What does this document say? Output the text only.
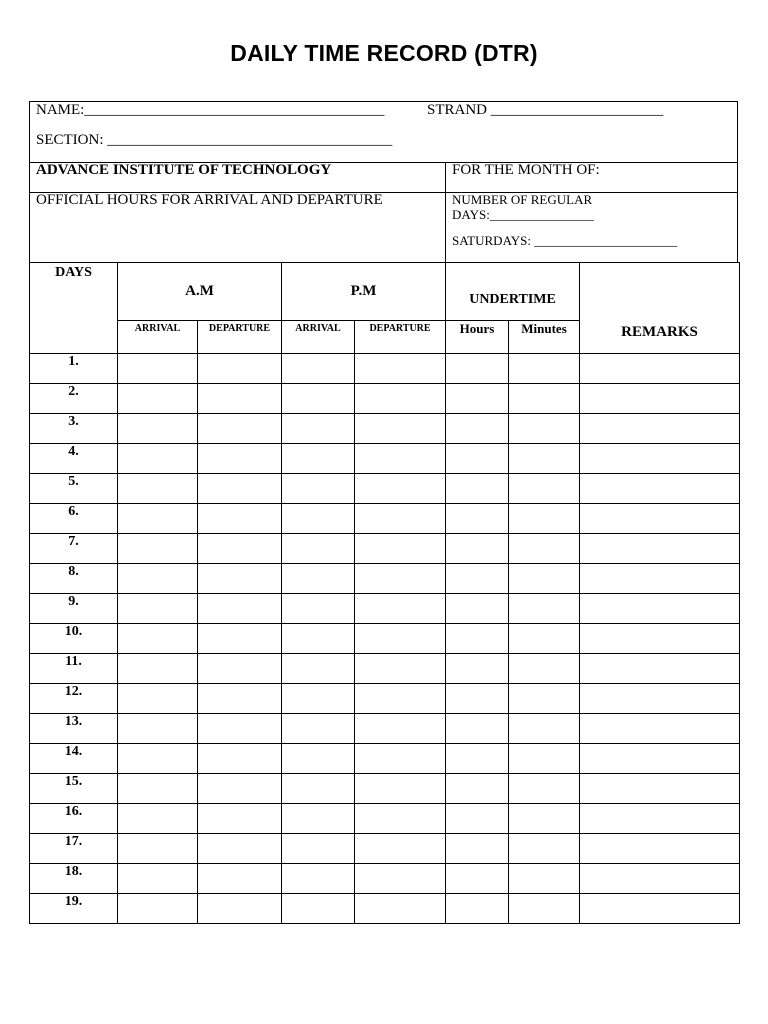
DAILY TIME RECORD (DTR)
NAME:________________________________________	STRAND _______________________
SECTION: ______________________________________
ADVANCE INSTITUTE OF TECHNOLOGY	FOR THE MONTH OF:
OFFICIAL HOURS FOR ARRIVAL AND DEPARTURE	NUMBER OF REGULAR
DAYS:________________
SATURDAYS: ______________________
DAYS	A.M		P.M		UNDERTIME		REMARKS
	ARRIVAL	DEPARTURE	ARRIVAL	DEPARTURE	Hours	Minutes	
1.							
2.							
3.							
4.							
5.							
6.							
7.							
8.							
9.							
10.							
11.							
12.							
13.							
14.							
15.							
16.							
17.							
18.							
19.							
